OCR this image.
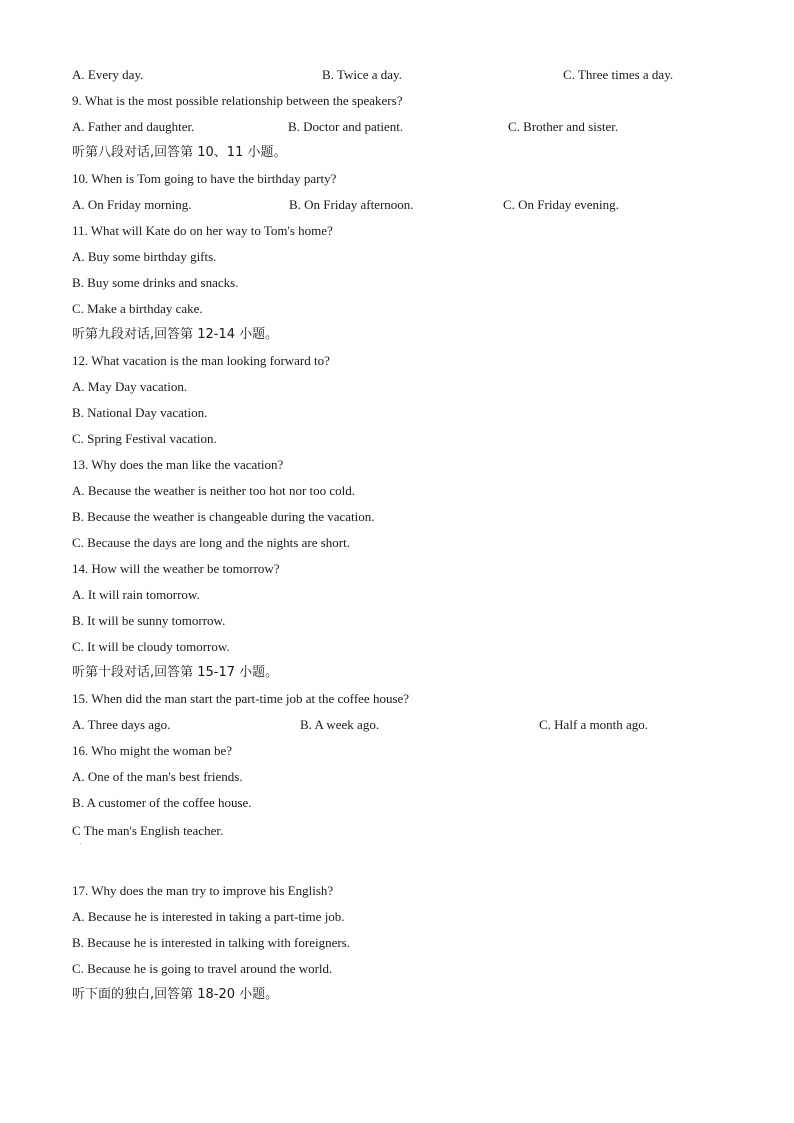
A. Every day.	B. Twice a day.	C. Three times a day.
9. What is the most possible relationship between the speakers?
A. Father and daughter.	B. Doctor and patient.	C. Brother and sister.
听第八段对话,回答第 10、11 小题。
10. When is Tom going to have the birthday party?
A. On Friday morning.	B. On Friday afternoon.	C. On Friday evening.
11. What will Kate do on her way to Tom's home?
A. Buy some birthday gifts.
B. Buy some drinks and snacks.
C. Make a birthday cake.
听第九段对话,回答第 12-14 小题。
12. What vacation is the man looking forward to?
A. May Day vacation.
B. National Day vacation.
C. Spring Festival vacation.
13. Why does the man like the vacation?
A. Because the weather is neither too hot nor too cold.
B. Because the weather is changeable during the vacation.
C. Because the days are long and the nights are short.
14. How will the weather be tomorrow?
A. It will rain tomorrow.
B. It will be sunny tomorrow.
C. It will be cloudy tomorrow.
听第十段对话,回答第 15-17 小题。
15. When did the man start the part-time job at the coffee house?
A. Three days ago.	B. A week ago.	C. Half a month ago.
16. Who might the woman be?
A. One of the man's best friends.
B. A customer of the coffee house.
C The man's English teacher.
.
17. Why does the man try to improve his English?
A. Because he is interested in taking a part-time job.
B. Because he is interested in talking with foreigners.
C. Because he is going to travel around the world.
听下面的独白,回答第 18-20 小题。
